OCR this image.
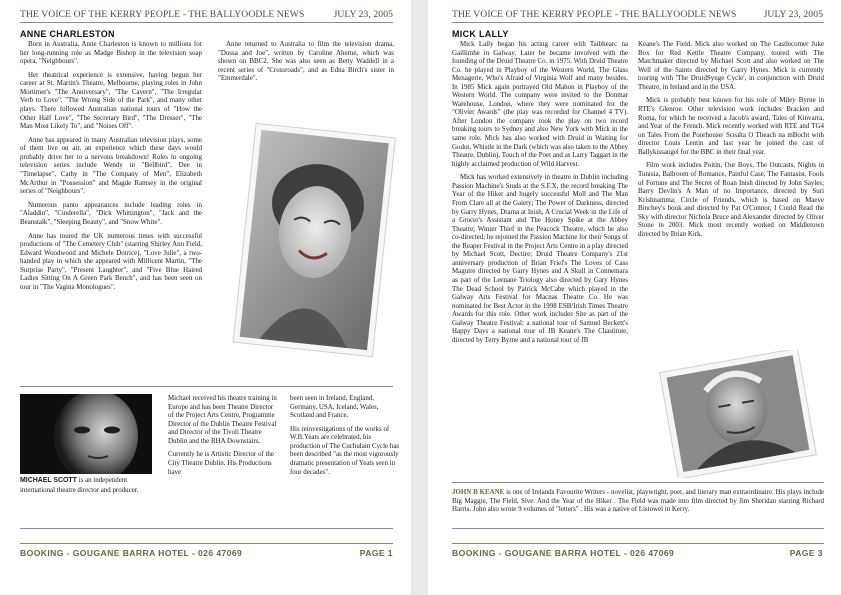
THE VOICE OF THE KERRY PEOPLE - THE BALLYOODLE NEWS	JULY 23, 2005
ANNE CHARLESTON

Born in Australia, Anne Charleston is known to millions for her long-running role as Madge Bishop in the television soap opera, "Neighbours".

Her theatrical experience is extensive, having begun her career at St. Martin's Theatre, Melbourne, playing roles in John Mortimer's "The Anniversary", "The Cavern", "The Irregular Verb to Love", "The Wrong Side of the Park", and many other plays. There followed Australian national tours of "How the Other Half Love", "The Secretary Bird", "The Dresser", "The Man Most Likely To", and "Noises Off".

Anne has appeared in many Australian television plays, some of them live on air, an experience which these days would probably drive her to a nervous breakdown! Roles in ongoing television series include Wendy in "Bellbird", Dee in "Timelapse", Cathy in "The Company of Men", Elizabeth McArthur in "Possession" and Magde Ramsey in the original series of "Neighbours".

Numerous panto appearances include leading roles in "Aladdin", "Cinderella", "Dick Whittington", "Jack and the Beanstalk", "Sleeping Beauty", and "Snow White".

Anne has toured the UK numerous times with successful productions of "The Cemetery Club" (starring Shirley Ann Field, Edward Woodwood and Michele Dotrice), "Love Julie", a two-handed play in which she appeared with Millicent Martin, "The Surprise Party", "Present Laughter", and "Five Blue Haired Ladies Sitting On A Green Park Bench", and has been seen on tour in "The Vagina Monologues".

Anne returned to Australia to film the television drama, "Dossa and Joe", written by Caroline Aherne, which was shown on BBC2. She was also seen as Betty Waddell in a recent series of "Crossroads", and as Edna Birch's sister in "Emmerdale".

MICHAEL SCOTT is an independent international theatre director and producer.

Michael received his theatre training in Europe and has been Theatre Director of the Project Arts Centre, Programme Director of the Dublin Theatre Festival and Director of the Tivoli Theatre Dublin and the RHA Downstairs.

Currently he is Artistic Director of the City Theatre Dublin. His Productions have

been seen in Ireland, England, Germany, USA, Iceland, Wales, Scotland and France.

His reinvestigations of the works of W.B.Yeats are celebrated, his production of The Cuchulain Cycle has been described "as the most vigorously dramatic presentation of Yeats seen in four decades".

BOOKING - GOUGANE BARRA HOTEL - 026 47069	PAGE 1
THE VOICE OF THE KERRY PEOPLE - THE BALLYOODLE NEWS	JULY 23, 2005
MICK LALLY

Mick Lally began his acting career with Taibhearc na Gaillimhe in Galway. Later he became involved with the founding of the Druid Theatre Co. in 1975. With Druid Theatre Co. he played in Playboy of the Western World, The Glass Menagerie, Who's Afraid of Virginia Wolf and many besides. In 1985 Mick again portrayed Old Mahon in Playboy of the Western World. The company were invited to the Donmar Warehouse, London, where they were nominated for the "Olivier Awards" (the play was recorded for Channel 4 TV). After London the company took the play on two record breaking tours to Sydney and also New York with Mick in the same role. Mick has also worked with Druid in Waiting for Godot, Whistle in the Dark (which was also taken to the Abbey Theatre, Dublin), Touch of the Poet and as Larry Taggart in the highly acclaimed production of Wild Harvest.

Mick has worked extensively in theatre in Dublin including Passion Machine's Studs at the S.F.X, the record breaking The Year of the Hiker and hugely successful Moll and The Man From Clare all at the Gaiety; The Power of Darkness, directed by Garry Hynes, Drama at Inish, A Crucial Week in the Life of a Grocer's Assistant and The Honey Spike at the Abbey Theatre; Winter Thief in the Peacock Theatre, which he also co-directed; he rejoined the Passion Machine for their Songs of the Reaper Festival in the Project Arts Centre in a play directed by Michael Scott, Dectire; Druid Theatre Company's 21st anniversary production of Brian Friel's The Loves of Cass Maguire directed by Garry Hynes and A Skull in Connemara as part of the Leenane Triology also directed by Gary Hynes The Dead School by Patrick McCabe which played in the Galway Arts Festival for Macnas Theatre Co. He was nominated for Best Actor in the 1998 ESB/Irish Times Theatre Awards for this role. Other work includes Site as part of the Galway Theatre Festival; a national tour of Samuel Beckett's Happy Days a national tour of JB Keane's The Chastitute, directed by Terry Byrne and a national tour of JB

Keane's The Field. Mick also worked on The Castlecomer Juke Box for Red Kettle Theatre Company, toured with The Matchmaker directed by Michael Scott and also worked on The Well of the Saints directed by Garry Hynes. Mick is currently touring with 'The DruidSynge Cycle', in conjunction with Druid Theatre, in Ireland and in the USA.

Mick is probably best known for his role of Miley Byrne in RTE's Glenroe. Other television work includes Bracken and Roma, for which he received a Jacob's award, Tales of Kinvarra, and Year of the French. Mick recently worked with RTE and TG4 on Tales From the Poorhouse/ Scealta O Theach na mBocht with director Louis Lentin and last year he joined the cast of Ballykissangel for the BBC in their final year.

Film work includes Poitin, Our Boys, The Outcasts, Nights in Tunisia, Ballroom of Romance, Painful Case, The Fantasist, Fools of Fortune and The Secret of Roan Inish directed by John Sayles; Barry Devlin's A Man of no Importance, directed by Suri Krishnamma; Circle of Friends, which is based on Maeve Binchey's book and directed by Pat O'Connor, I Could Read the Sky with director Nichola Bruce and Alexander directed by Oliver Stone in 2003. Mick most recently worked on Middletown directed by Brian Kirk.

JOHN B KEANE is one of Irelands Favourite Writers - novelist, playwright, poet, and literary man extraordinaire. His plays include Big Maggie, The Field, Sive. And the Year of the Hiker . The Field was made into film directed by Jim Sheridan starring Richard Harris. John also wrote 9 volumes of "letters" . His was a native of Listowel in Kerry.

BOOKING - GOUGANE BARRA HOTEL - 026 47069	PAGE 3
